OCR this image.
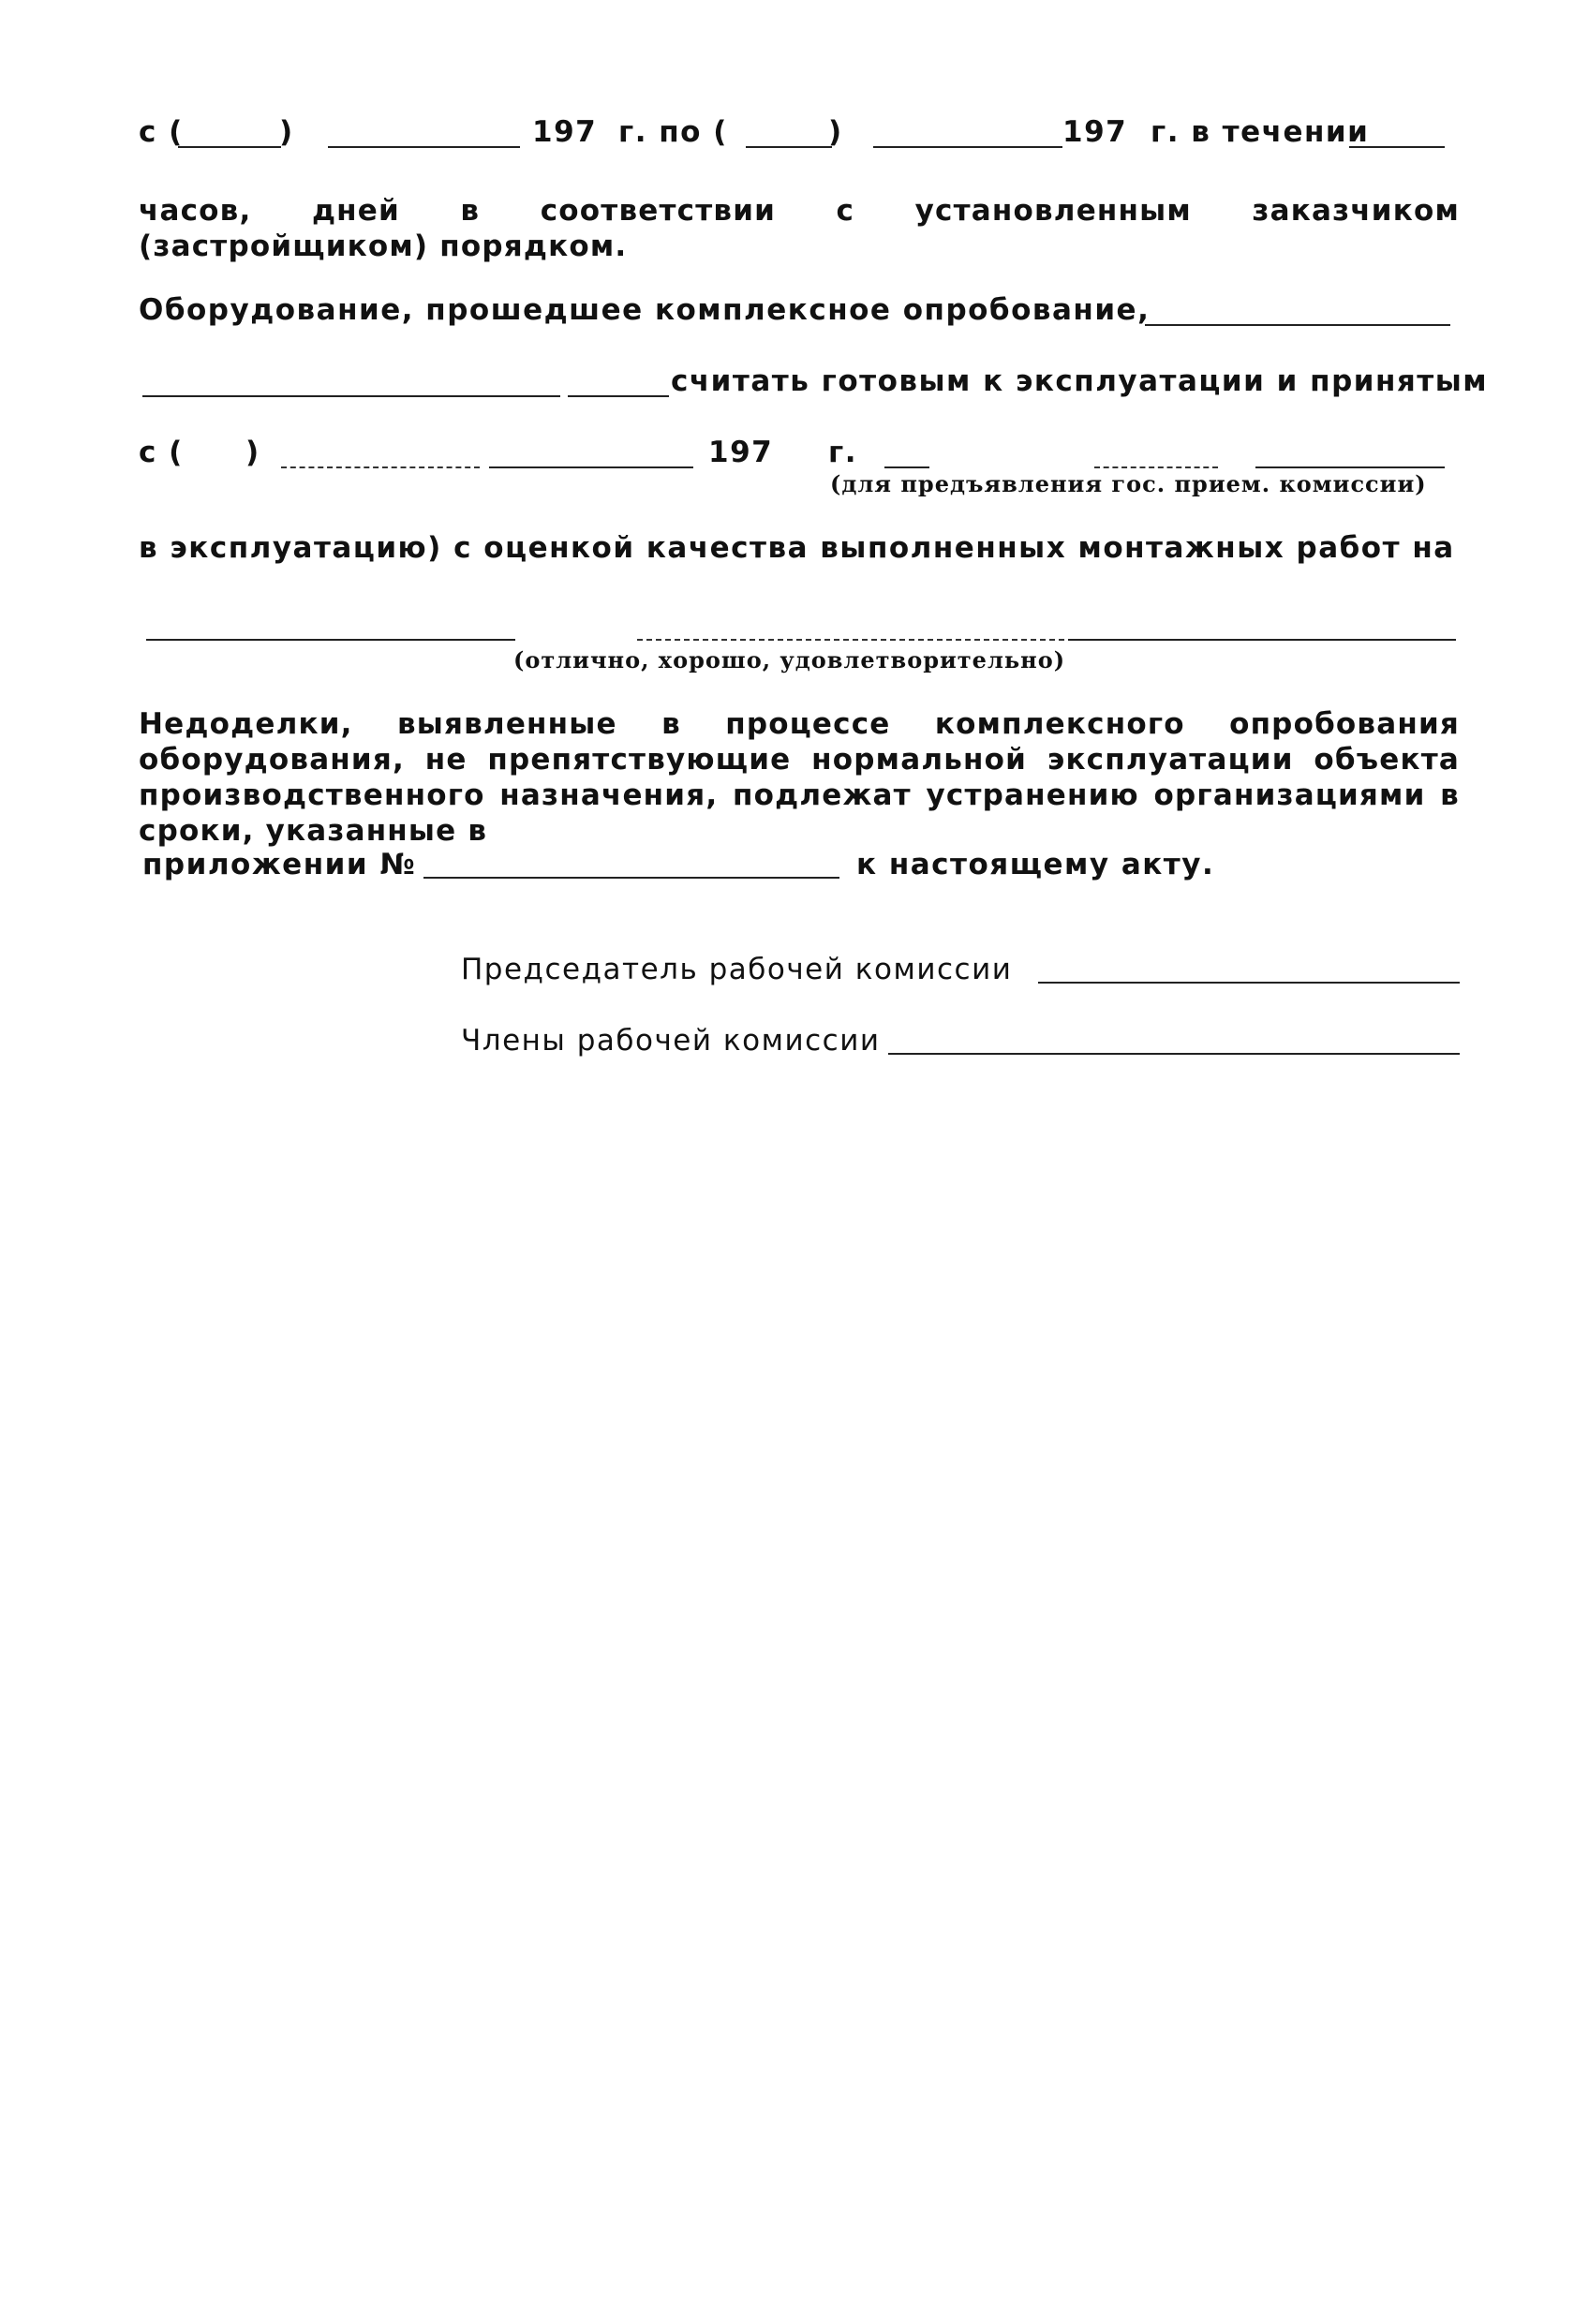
с (	)	197 г. по (	)	197 г. в течении

часов, дней в соответствии с установленным заказчиком (застройщиком) порядком.

Оборудование, прошедшее комплексное опробование,
считать готовым к эксплуатации и принятым
с ( )	197 г.
(для предъявления гос. прием. комиссии)
в эксплуатацию) с оценкой качества выполненных монтажных работ на
(отлично, хорошо, удовлетворительно)

Недоделки, выявленные в процессе комплексного опробования оборудования, не препятствующие нормальной эксплуатации объекта производственного назначения, подлежат устранению организациями в сроки, указанные в

приложении №	к настоящему акту.
Председатель рабочей комиссии
Члены рабочей комиссии
